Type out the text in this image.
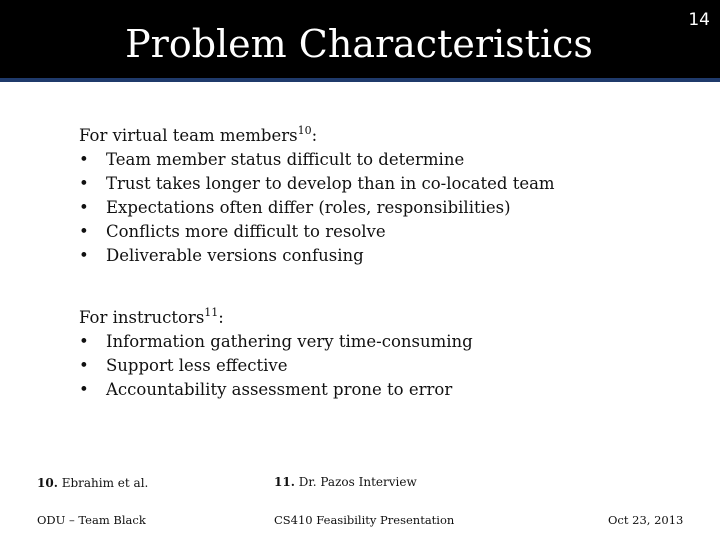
Problem Characteristics
14
For virtual team members$^{10}$:
• Team member status difficult to determine
• Trust takes longer to develop than in co-located team
• Expectations often differ (roles, responsibilities)
• Conflicts more difficult to resolve
• Deliverable versions confusing
For instructors$^{11}$:
• Information gathering very time-consuming
• Support less effective
• Accountability assessment prone to error
10. Ebrahim et al.	11. Dr. Pazos Interview
ODU – Team Black	CS410 Feasibility Presentation	Oct 23, 2013
